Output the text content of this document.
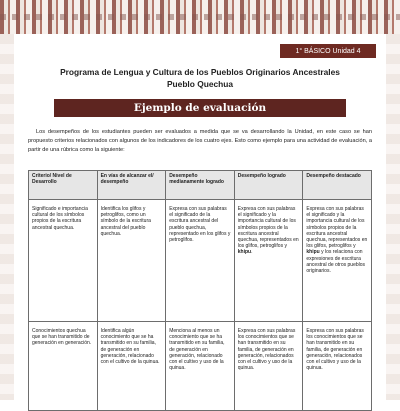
1° BÁSICO Unidad 4
Programa de Lengua y Cultura de los Pueblos Originarios Ancestrales
Pueblo Quechua
Ejemplo de evaluación

Los desempeños de los estudiantes pueden ser evaluados a medida que se va desarrollando la Unidad, en este caso se han propuesto criterios relacionados con algunos de los indicadores de los cuatro ejes. Esto como ejemplo para una actividad de evaluación, a partir de una rúbrica como la siguiente:

Criterio/ Nivel de Desarrollo	En vías de alcanzar el/ desempeño	Desempeño medianamente logrado	Desempeño logrado	Desempeño destacado
Significado e importancia cultural de los símbolos propios de la escritura ancestral quechua.	Identifica los glifos y petroglifos, como un símbolo de la escritura ancestral del pueblo quechua.	Expresa con sus palabras el significado de la escritura ancestral del pueblo quechua, representado en los glifos y petroglifos.	Expresa con sus palabras el significado y la importancia cultural de los símbolos propios de la escritura ancestral quechua, representados en los glifos, petroglifos y khipu.	Expresa con sus palabras el significado y la importancia cultural de los símbolos propios de la escritura ancestral quechua, representados en los glifos, petroglifos y khipu y los relaciona con expresiones de escritura ancestral de otros pueblos originarios.
Conocimientos quechua que se han transmitido de generación en generación.	Identifica algún conocimiento que se ha transmitido en su familia, de generación en generación, relacionado con el cultivo de la quinua.	Menciona al menos un conocimiento que se ha transmitido en su familia, de generación en generación, relacionado con el cultivo y uso de la quinua.	Expresa con sus palabras los conocimientos que se han transmitido en su familia, de generación en generación, relacionados con el cultivo y uso de la quinua.	Expresa con sus palabras los conocimientos que se han transmitido en su familia, de generación en generación, relacionados con el cultivo y uso de la quinua.
